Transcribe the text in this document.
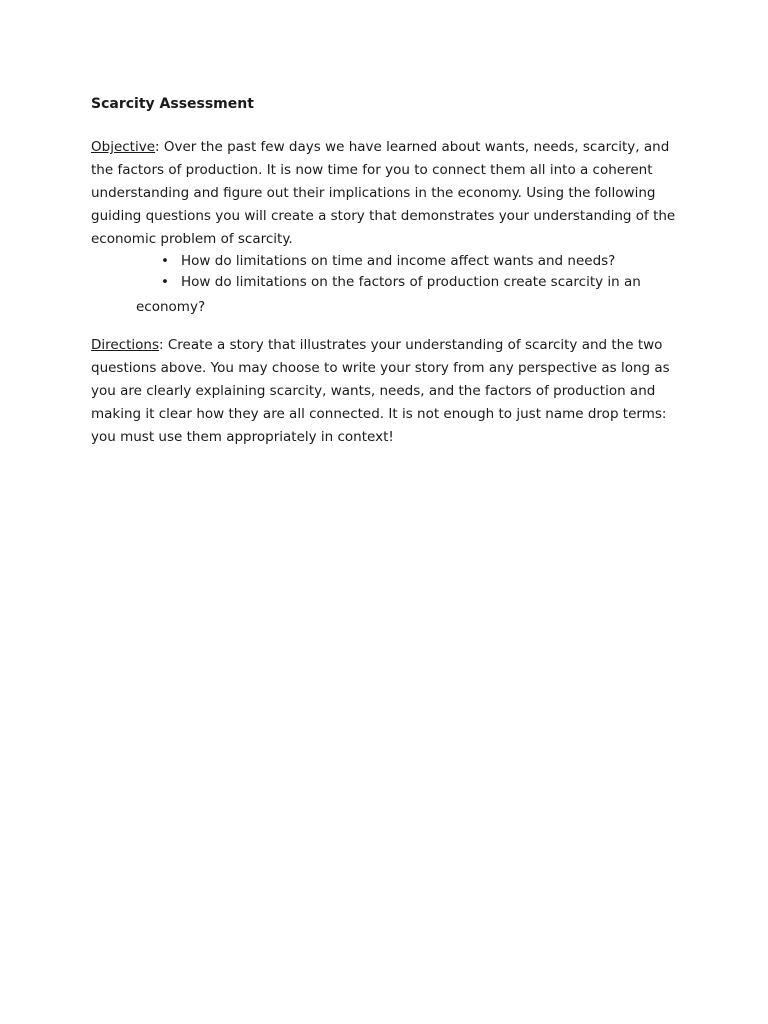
Scarcity Assessment

Objective: Over the past few days we have learned about wants, needs, scarcity, and the factors of production. It is now time for you to connect them all into a coherent understanding and figure out their implications in the economy. Using the following guiding questions you will create a story that demonstrates your understanding of the economic problem of scarcity.

• How do limitations on time and income affect wants and needs?
• How do limitations on the factors of production create scarcity in an
economy?

Directions: Create a story that illustrates your understanding of scarcity and the two questions above. You may choose to write your story from any perspective as long as you are clearly explaining scarcity, wants, needs, and the factors of production and making it clear how they are all connected. It is not enough to just name drop terms: you must use them appropriately in context!
